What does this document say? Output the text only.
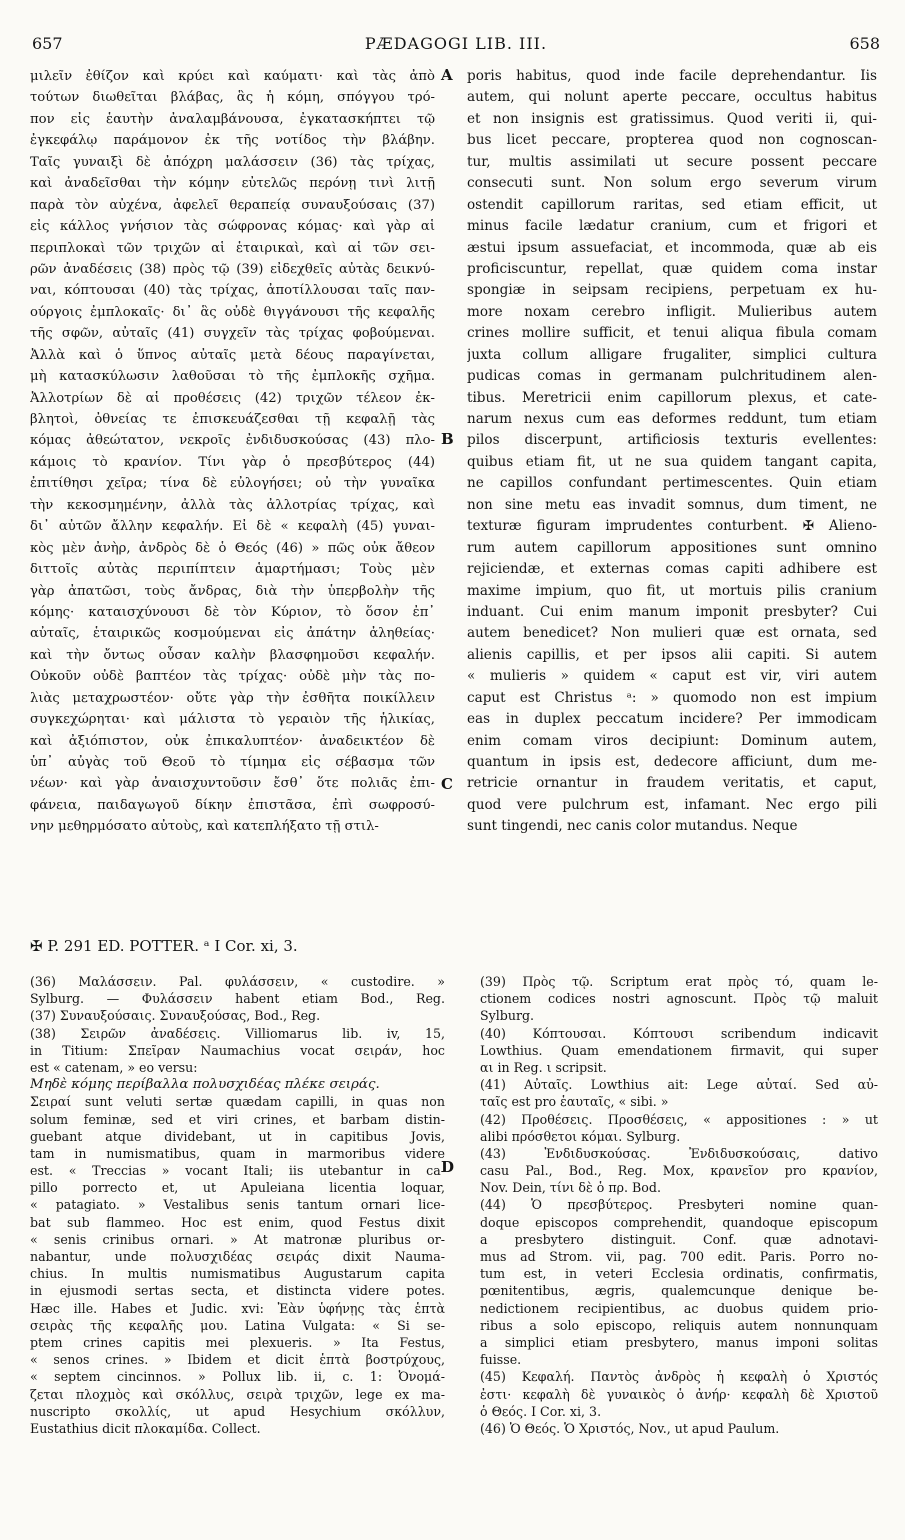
657	PÆDAGOGI LIB. III.	658
μιλεῖν ἐθίζον καὶ κρύει καὶ καύματι· καὶ τὰς ἀπὸ
τούτων διωθεῖται βλάβας, ἃς ἡ κόμη, σπόγγου τρό-
πον εἰς ἑαυτὴν ἀναλαμβάνουσα, ἐγκατασκήπτει τῷ
ἐγκεφάλῳ παράμονον ἐκ τῆς νοτίδος τὴν βλάβην.
Ταῖς γυναιξὶ δὲ ἀπόχρη μαλάσσειν (36) τὰς τρίχας,
καὶ ἀναδεῖσθαι τὴν κόμην εὐτελῶς περόνῃ τινὶ λιτῇ
παρὰ τὸν αὐχένα, ἀφελεῖ θεραπείᾳ συναυξούσαις (37)
εἰς κάλλος γνήσιον τὰς σώφρονας κόμας· καὶ γὰρ αἱ
περιπλοκαὶ τῶν τριχῶν αἱ ἑταιρικαὶ, καὶ αἱ τῶν σει-
ρῶν ἀναδέσεις (38) πρὸς τῷ (39) εἰδεχθεῖς αὐτὰς δεικνύ-
ναι, κόπτουσαι (40) τὰς τρίχας, ἀποτίλλουσαι ταῖς παν-
ούργοις ἐμπλοκαῖς· δι᾽ ἃς οὐδὲ θιγγάνουσι τῆς κεφαλῆς
τῆς σφῶν, αὐταῖς (41) συγχεῖν τὰς τρίχας φοβούμεναι.
Ἀλλὰ καὶ ὁ ὕπνος αὐταῖς μετὰ δέους παραγίνεται,
μὴ κατασκύλωσιν λαθοῦσαι τὸ τῆς ἐμπλοκῆς σχῆμα.
Ἀλλοτρίων δὲ αἱ προθέσεις (42) τριχῶν τέλεον ἐκ-
βλητοὶ, ὀθνείας τε ἐπισκευάζεσθαι τῇ κεφαλῇ τὰς
κόμας ἀθεώτατον, νεκροῖς ἐνδιδυσκούσας (43) πλο-
κάμοις τὸ κρανίον. Τίνι γὰρ ὁ πρεσβύτερος (44)
ἐπιτίθησι χεῖρα; τίνα δὲ εὐλογήσει; οὐ τὴν γυναῖκα
τὴν κεκοσμημένην, ἀλλὰ τὰς ἀλλοτρίας τρίχας, καὶ
δι᾽ αὐτῶν ἄλλην κεφαλήν. Εἰ δὲ « κεφαλὴ (45) γυναι-
κὸς μὲν ἀνὴρ, ἀνδρὸς δὲ ὁ Θεός (46) » πῶς οὐκ ἄθεον
διττοῖς αὐτὰς περιπίπτειν ἁμαρτήμασι; Τοὺς μὲν
γὰρ ἀπατῶσι, τοὺς ἄνδρας, διὰ τὴν ὑπερβολὴν τῆς
κόμης· καταισχύνουσι δὲ τὸν Κύριον, τὸ ὅσον ἐπ᾽
αὐταῖς, ἑταιρικῶς κοσμούμεναι εἰς ἀπάτην ἀληθείας·
καὶ τὴν ὄντως οὖσαν καλὴν βλασφημοῦσι κεφαλήν.
Οὐκοῦν οὐδὲ βαπτέον τὰς τρίχας· οὐδὲ μὴν τὰς πο-
λιὰς μεταχρωστέον· οὔτε γὰρ τὴν ἐσθῆτα ποικίλλειν
συγκεχώρηται· καὶ μάλιστα τὸ γεραιὸν τῆς ἡλικίας,
καὶ ἀξιόπιστον, οὐκ ἐπικαλυπτέον· ἀναδεικτέον δὲ
ὑπ᾽ αὐγὰς τοῦ Θεοῦ τὸ τίμημα εἰς σέβασμα τῶν
νέων· καὶ γὰρ ἀναισχυντοῦσιν ἔσθ᾽ ὅτε πολιᾶς ἐπι-
φάνεια, παιδαγωγοῦ δίκην ἐπιστᾶσα, ἐπὶ σωφροσύ-
νην μεθηρμόσατο αὐτοὺς, καὶ κατεπλήξατο τῇ στιλ-
poris habitus, quod inde facile deprehendantur. Iis
autem, qui nolunt aperte peccare, occultus habitus
et non insignis est gratissimus. Quod veriti ii, qui-
bus licet peccare, propterea quod non cognoscan-
tur, multis assimilati ut secure possent peccare
consecuti sunt. Non solum ergo severum virum
ostendit capillorum raritas, sed etiam efficit, ut
minus facile lædatur cranium, cum et frigori et
æstui ipsum assuefaciat, et incommoda, quæ ab eis
proficiscuntur, repellat, quæ quidem coma instar
spongiæ in seipsam recipiens, perpetuam ex hu-
more noxam cerebro infligit. Mulieribus autem
crines mollire sufficit, et tenui aliqua fibula comam
juxta collum alligare frugaliter, simplici cultura
pudicas comas in germanam pulchritudinem alen-
tibus. Meretricii enim capillorum plexus, et cate-
narum nexus cum eas deformes reddunt, tum etiam
pilos discerpunt, artificiosis texturis evellentes:
quibus etiam fit, ut ne sua quidem tangant capita,
ne capillos confundant pertimescentes. Quin etiam
non sine metu eas invadit somnus, dum timent, ne
texturæ figuram imprudentes conturbent. ✠ Alieno-
rum autem capillorum appositiones sunt omnino
rejiciendæ, et externas comas capiti adhibere est
maxime impium, quo fit, ut mortuis pilis cranium
induant. Cui enim manum imponit presbyter? Cui
autem benedicet? Non mulieri quæ est ornata, sed
alienis capillis, et per ipsos alii capiti. Si autem
« mulieris » quidem « caput est vir, viri autem
caput est Christus ᵃ: » quomodo non est impium
eas in duplex peccatum incidere? Per immodicam
enim comam viros decipiunt: Dominum autem,
quantum in ipsis est, dedecore afficiunt, dum me-
retricie ornantur in fraudem veritatis, et caput,
quod vere pulchrum est, infamant. Nec ergo pili
sunt tingendi, nec canis color mutandus. Neque
A
B
C
D
✠ P. 291 ED. POTTER. ᵃ I Cor. xi, 3.
(36) Μαλάσσειν. Pal. φυλάσσειν, « custodire. »
Sylburg. — Φυλάσσειν habent etiam Bod., Reg.
(37) Συναυξούσαις. Συναυξούσας, Bod., Reg.
(38) Σειρῶν ἀναδέσεις. Villiomarus lib. iv, 15,
in Titium: Σπεῖραν Naumachius vocat σειράν, hoc
est « catenam, » eo versu:
Μηδὲ κόμης περίβαλλα πολυσχιδέας πλέκε σειράς.
Σειραί sunt veluti sertæ quædam capilli, in quas non
solum feminæ, sed et viri crines, et barbam distin-
guebant atque dividebant, ut in capitibus Jovis,
tam in numismatibus, quam in marmoribus videre
est. « Treccias » vocant Itali; iis utebantur in ca-
pillo porrecto et, ut Apuleiana licentia loquar,
« patagiato. » Vestalibus senis tantum ornari lice-
bat sub flammeo. Hoc est enim, quod Festus dixit
« senis crinibus ornari. » At matronæ pluribus or-
nabantur, unde πολυσχιδέας σειράς dixit Nauma-
chius. In multis numismatibus Augustarum capita
in ejusmodi sertas secta, et distincta videre potes.
Hæc ille. Habes et Judic. xvi: Ἐὰν ὑφήνῃς τὰς ἑπτὰ
σειρὰς τῆς κεφαλῆς μου. Latina Vulgata: « Si se-
ptem crines capitis mei plexueris. » Ita Festus,
« senos crines. » Ibidem et dicit ἑπτὰ βοστρύχους,
« septem cincinnos. » Pollux lib. ii, c. 1: Ὀνομά-
ζεται πλοχμὸς καὶ σκόλλυς, σειρὰ τριχῶν, lege ex ma-
nuscripto σκολλίς, ut apud Hesychium σκόλλυν,
Eustathius dicit πλοκαμίδα. Collect.
(39) Πρὸς τῷ. Scriptum erat πρὸς τό, quam le-
ctionem codices nostri agnoscunt. Πρὸς τῷ maluit
Sylburg.
(40) Κόπτουσαι. Κόπτουσι scribendum indicavit
Lowthius. Quam emendationem firmavit, qui super
αι in Reg. ι scripsit.
(41) Αὐταῖς. Lowthius ait: Lege αὑταί. Sed αὐ-
ταῖς est pro ἑαυταῖς, « sibi. »
(42) Προθέσεις. Προσθέσεις, « appositiones : » ut
alibi πρόσθετοι κόμαι. Sylburg.
(43) Ἐνδιδυσκούσας. Ἐνδιδυσκούσαις, dativo
casu Pal., Bod., Reg. Mox, κρανεῖον pro κρανίον,
Nov. Dein, τίνι δὲ ὁ πρ. Bod.
(44) Ὁ πρεσβύτερος. Presbyteri nomine quan-
doque episcopos comprehendit, quandoque episcopum
a presbytero distinguit. Conf. quæ adnotavi-
mus ad Strom. vii, pag. 700 edit. Paris. Porro no-
tum est, in veteri Ecclesia ordinatis, confirmatis,
pœnitentibus, ægris, qualemcunque denique be-
nedictionem recipientibus, ac duobus quidem prio-
ribus a solo episcopo, reliquis autem nonnunquam
a simplici etiam presbytero, manus imponi solitas
fuisse.
(45) Κεφαλή. Παντὸς ἀνδρὸς ἡ κεφαλὴ ὁ Χριστός
ἐστι· κεφαλὴ δὲ γυναικὸς ὁ ἀνήρ· κεφαλὴ δὲ Χριστοῦ
ὁ Θεός. I Cor. xi, 3.
(46) Ὁ Θεός. Ὁ Χριστός, Nov., ut apud Paulum.
